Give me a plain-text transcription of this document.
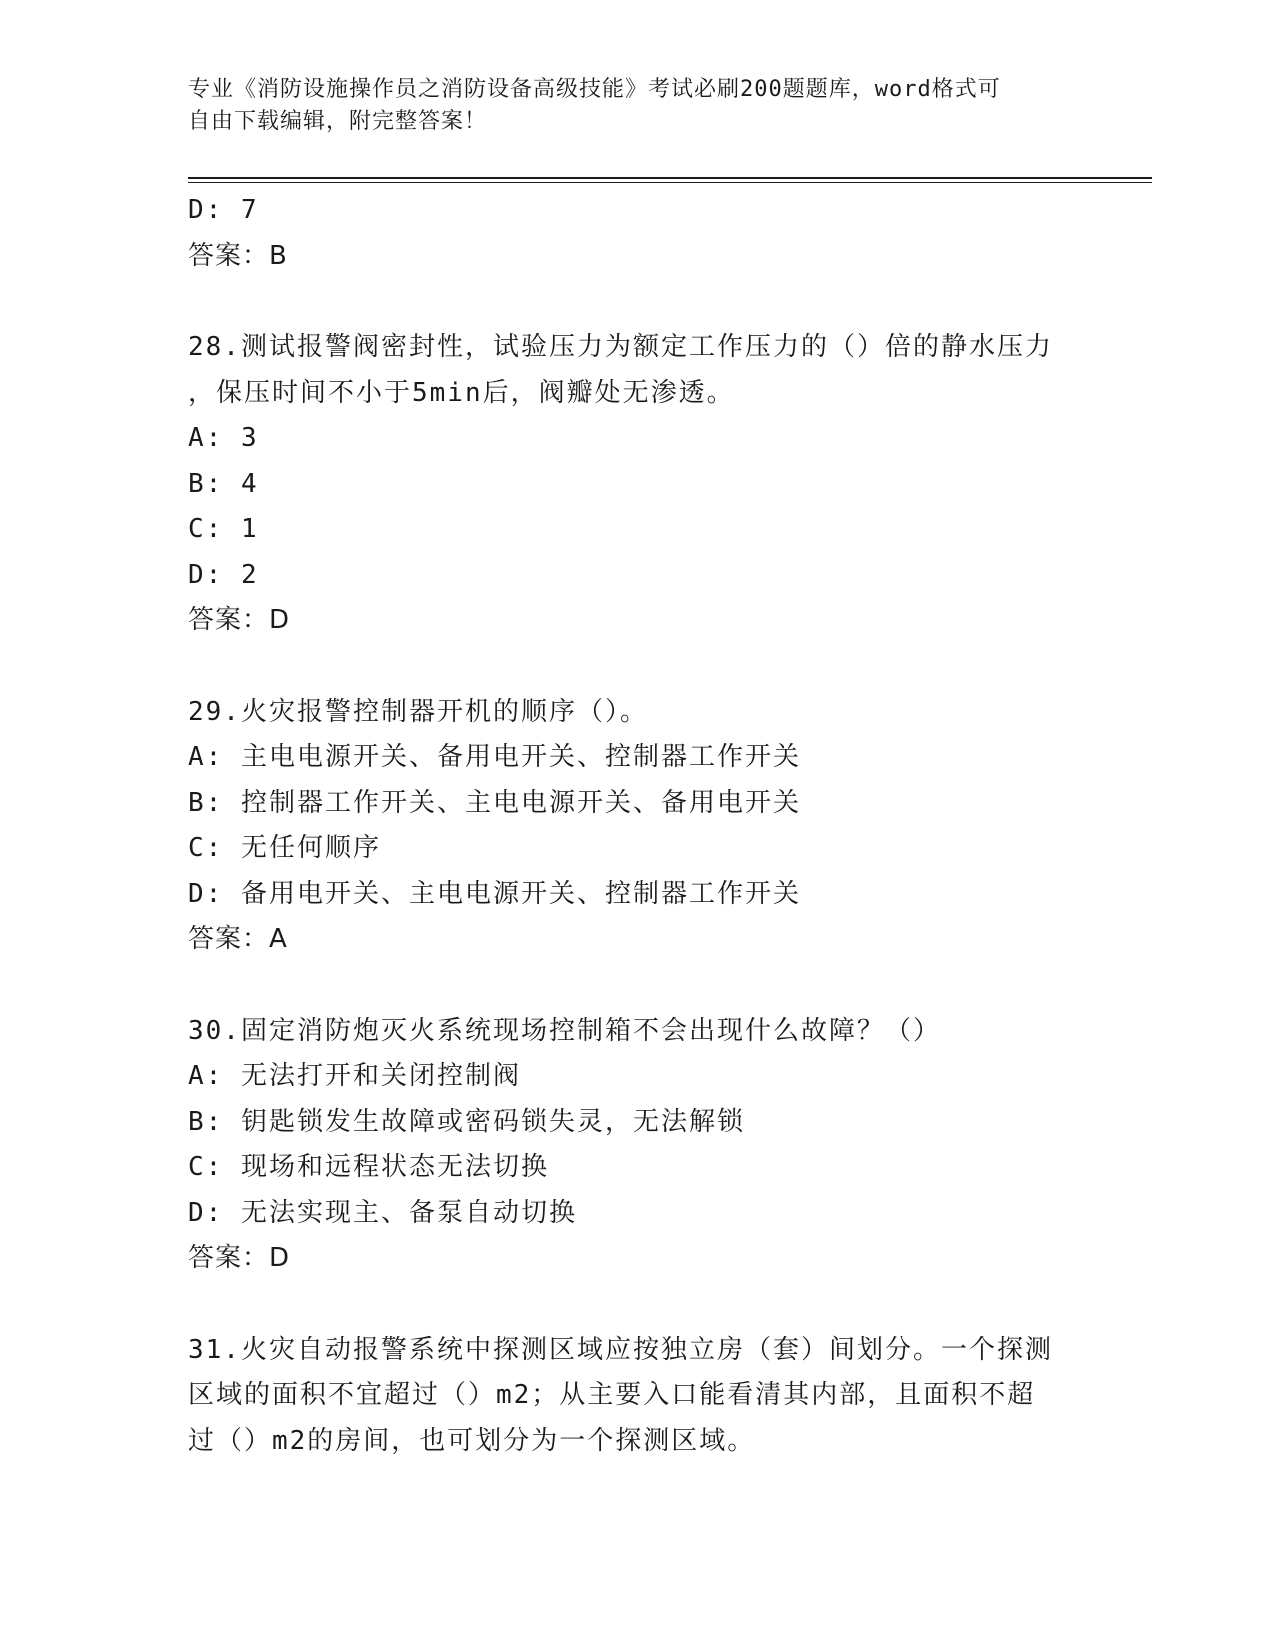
专业《消防设施操作员之消防设备高级技能》考试必刷200题题库，word格式可
自由下载编辑，附完整答案！
D: 7
答案：B
28.测试报警阀密封性，试验压力为额定工作压力的（）倍的静水压力
，保压时间不小于5min后，阀瓣处无渗透。
A: 3
B: 4
C: 1
D: 2
答案：D
29.火灾报警控制器开机的顺序（）。
A: 主电电源开关、备用电开关、控制器工作开关
B: 控制器工作开关、主电电源开关、备用电开关
C: 无任何顺序
D: 备用电开关、主电电源开关、控制器工作开关
答案：A
30.固定消防炮灭火系统现场控制箱不会出现什么故障？（）
A: 无法打开和关闭控制阀
B: 钥匙锁发生故障或密码锁失灵，无法解锁
C: 现场和远程状态无法切换
D: 无法实现主、备泵自动切换
答案：D
31.火灾自动报警系统中探测区域应按独立房（套）间划分。一个探测
区域的面积不宜超过（）m2；从主要入口能看清其内部，且面积不超
过（）m2的房间，也可划分为一个探测区域。
